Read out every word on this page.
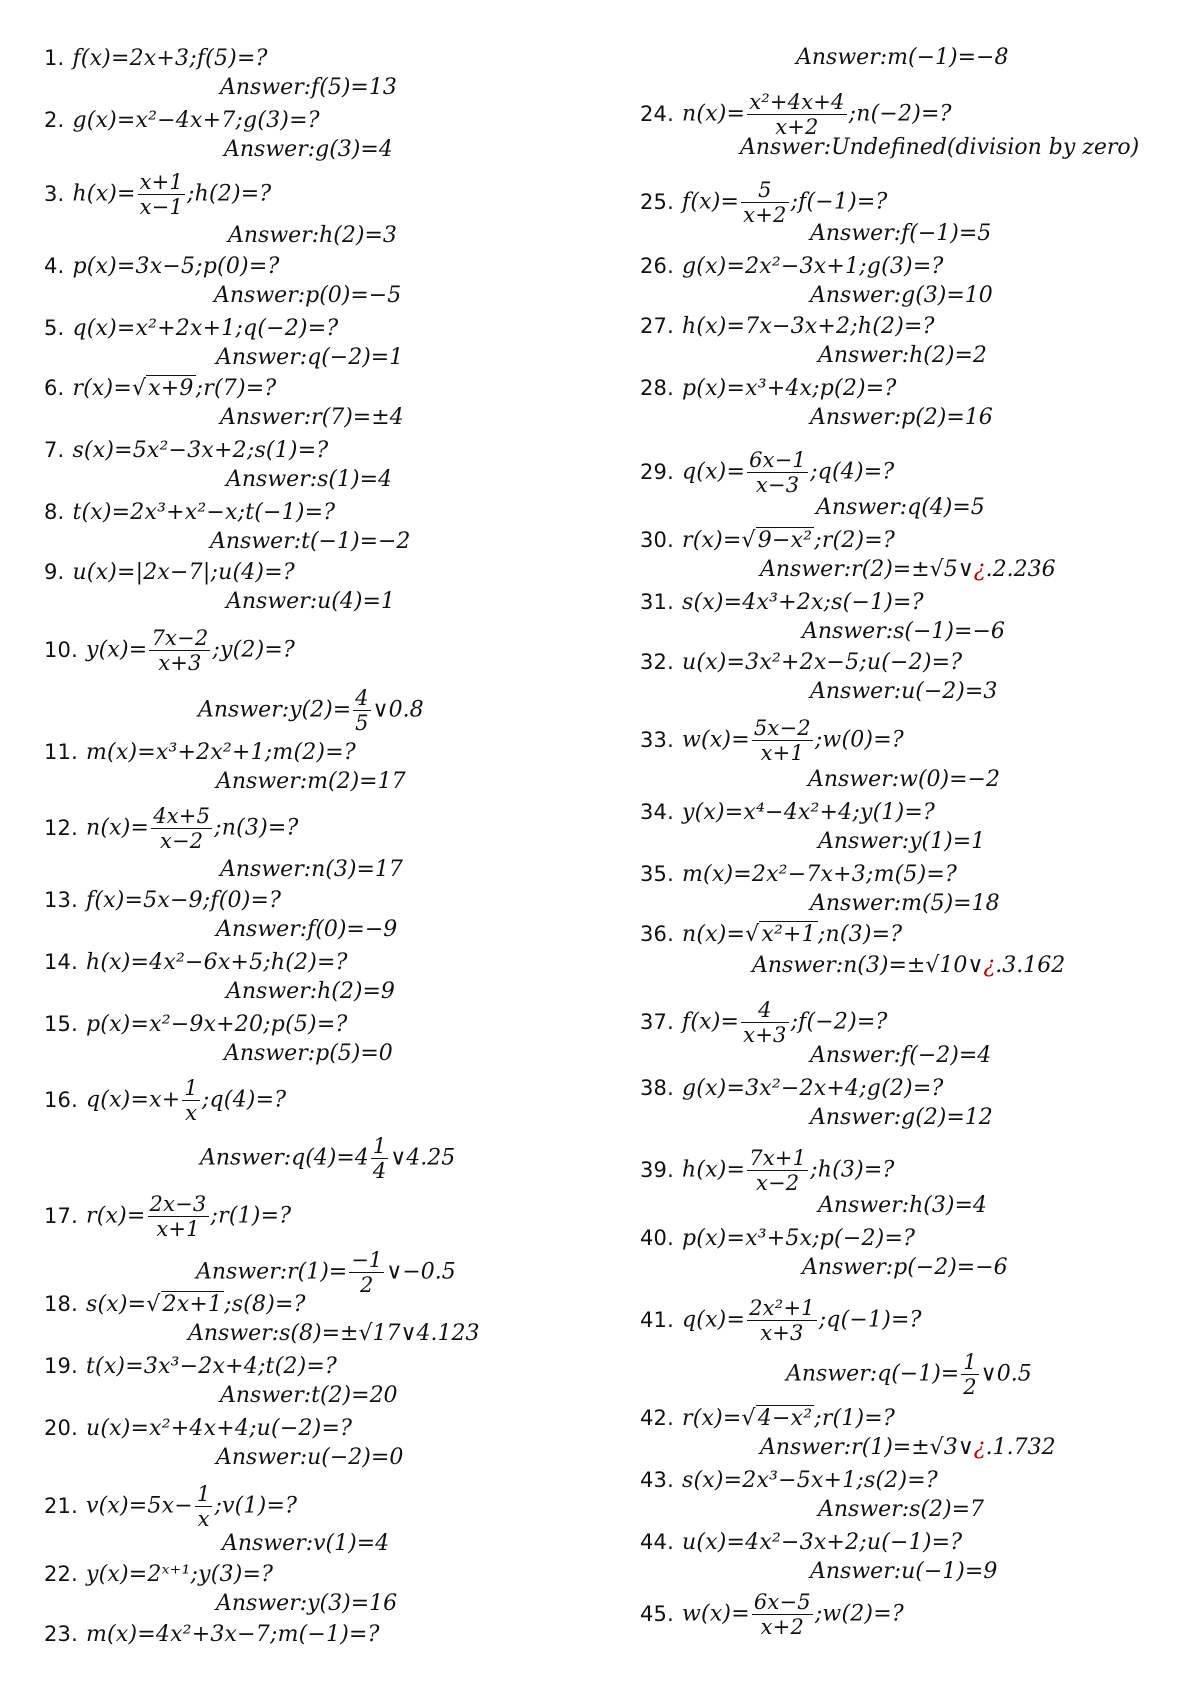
1. f(x)=2x+3;f(5)=?
Answer:f(5)=13
2. g(x)=x²−4x+7;g(3)=?
Answer:g(3)=4
3. $h(x)= \frac{x+1}{x-1}$ ;h(2)=?
Answer:h(2)=3
4. p(x)=3x−5;p(0)=?
Answer:p(0)=−5
5. q(x)=x²+2x+1;q(−2)=?
Answer:q(−2)=1
6. r(x)=√x+9;r(7)=?
Answer:r(7)=±4
7. s(x)=5x²−3x+2;s(1)=?
Answer:s(1)=4
8. t(x)=2x³+x²−x;t(−1)=?
Answer:t(−1)=−2
9. u(x)=|2x−7|;u(4)=?
Answer:u(4)=1
10. $y(x)= \frac{7x-2}{x+3}$ ;y(2)=?
Answer:y(2)= $\frac{4}{5}$ ∨0.8
11. m(x)=x³+2x²+1;m(2)=?
Answer:m(2)=17
12. $n(x)= \frac{4x+5}{x-2}$ ;n(3)=?
Answer:n(3)=17
13. f(x)=5x−9;f(0)=?
Answer:f(0)=−9
14. h(x)=4x²−6x+5;h(2)=?
Answer:h(2)=9
15. p(x)=x²−9x+20;p(5)=?
Answer:p(5)=0
16. $q(x)=x+ \frac{1}{x}$ ;q(4)=?
Answer:q(4)=4 $\frac{1}{4}$ ∨4.25
17. $r(x)= \frac{2x-3}{x+1}$ ;r(1)=?
Answer:r(1)= $\frac{-1}{2}$ ∨−0.5
18. s(x)=√2x+1;s(8)=?
Answer:s(8)=±√17∨4.123
19. t(x)=3x³−2x+4;t(2)=?
Answer:t(2)=20
20. u(x)=x²+4x+4;u(−2)=?
Answer:u(−2)=0
21. $v(x)=5x- \frac{1}{x}$ ;v(1)=?
Answer:v(1)=4
22. y(x)=2ˣ⁺¹;y(3)=?
Answer:y(3)=16
23. m(x)=4x²+3x−7;m(−1)=?
Answer:m(−1)=−8
24. $n(x)= \frac{\text{x²+4x+4}}{x+2}$ ;n(−2)=?
Answer:Undefined(division by zero)
25. $f(x)= \frac{5}{x+2}$ ;f(−1)=?
Answer:f(−1)=5
26. g(x)=2x²−3x+1;g(3)=?
Answer:g(3)=10
27. h(x)=7x−3x+2;h(2)=?
Answer:h(2)=2
28. p(x)=x³+4x;p(2)=?
Answer:p(2)=16
29. $q(x)= \frac{6x-1}{x-3}$ ;q(4)=?
Answer:q(4)=5
30. r(x)=√9−x²;r(2)=?
Answer:r(2)=±√5∨¿.2.236
31. s(x)=4x³+2x;s(−1)=?
Answer:s(−1)=−6
32. u(x)=3x²+2x−5;u(−2)=?
Answer:u(−2)=3
33. $w(x)= \frac{5x-2}{x+1}$ ;w(0)=?
Answer:w(0)=−2
34. y(x)=x⁴−4x²+4;y(1)=?
Answer:y(1)=1
35. m(x)=2x²−7x+3;m(5)=?
Answer:m(5)=18
36. n(x)=√x²+1;n(3)=?
Answer:n(3)=±√10∨¿.3.162
37. $f(x)= \frac{4}{x+3}$ ;f(−2)=?
Answer:f(−2)=4
38. g(x)=3x²−2x+4;g(2)=?
Answer:g(2)=12
39. $h(x)= \frac{7x+1}{x-2}$ ;h(3)=?
Answer:h(3)=4
40. p(x)=x³+5x;p(−2)=?
Answer:p(−2)=−6
41. $q(x)= \frac{\text{2x²+1}}{x+3}$ ;q(−1)=?
Answer:q(−1)= $\frac{1}{2}$ ∨0.5
42. r(x)=√4−x²;r(1)=?
Answer:r(1)=±√3∨¿.1.732
43. s(x)=2x³−5x+1;s(2)=?
Answer:s(2)=7
44. u(x)=4x²−3x+2;u(−1)=?
Answer:u(−1)=9
45. $w(x)= \frac{6x-5}{x+2}$ ;w(2)=?
